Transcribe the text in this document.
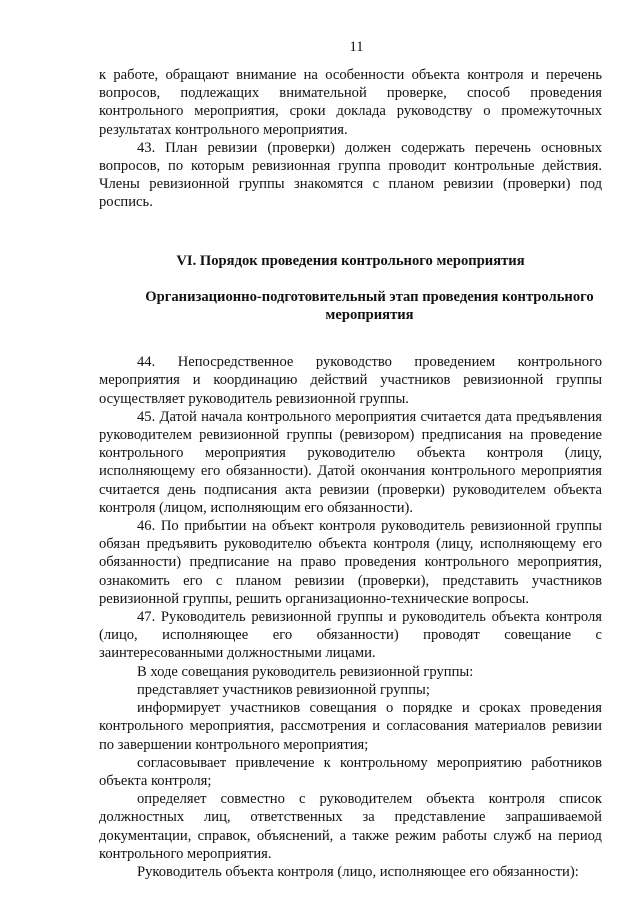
11

к работе, обращают внимание на особенности объекта контроля и перечень вопросов, подлежащих внимательной проверке, способ проведения контрольного мероприятия, сроки доклада руководству о промежуточных результатах контрольного мероприятия.

43. План ревизии (проверки) должен содержать перечень основных вопросов, по которым ревизионная группа проводит контрольные действия. Члены ревизионной группы знакомятся с планом ревизии (проверки) под роспись.

VI. Порядок проведения контрольного мероприятия
Организационно-подготовительный этап проведения контрольного мероприятия

44. Непосредственное руководство проведением контрольного мероприятия и координацию действий участников ревизионной группы осуществляет руководитель ревизионной группы.

45. Датой начала контрольного мероприятия считается дата предъявления руководителем ревизионной группы (ревизором) предписания на проведение контрольного мероприятия руководителю объекта контроля (лицу, исполняющему его обязанности). Датой окончания контрольного мероприятия считается день подписания акта ревизии (проверки) руководителем объекта контроля (лицом, исполняющим его обязанности).

46. По прибытии на объект контроля руководитель ревизионной группы обязан предъявить руководителю объекта контроля (лицу, исполняющему его обязанности) предписание на право проведения контрольного мероприятия, ознакомить его с планом ревизии (проверки), представить участников ревизионной группы, решить организационно-технические вопросы.

47. Руководитель ревизионной группы и руководитель объекта контроля (лицо, исполняющее его обязанности) проводят совещание с заинтересованными должностными лицами.

В ходе совещания руководитель ревизионной группы:

представляет участников ревизионной группы;

информирует участников совещания о порядке и сроках проведения контрольного мероприятия, рассмотрения и согласования материалов ревизии по завершении контрольного мероприятия;

согласовывает привлечение к контрольному мероприятию работников объекта контроля;

определяет совместно с руководителем объекта контроля список должностных лиц, ответственных за представление запрашиваемой документации, справок, объяснений, а также режим работы служб на период контрольного мероприятия.

Руководитель объекта контроля (лицо, исполняющее его обязанности):
